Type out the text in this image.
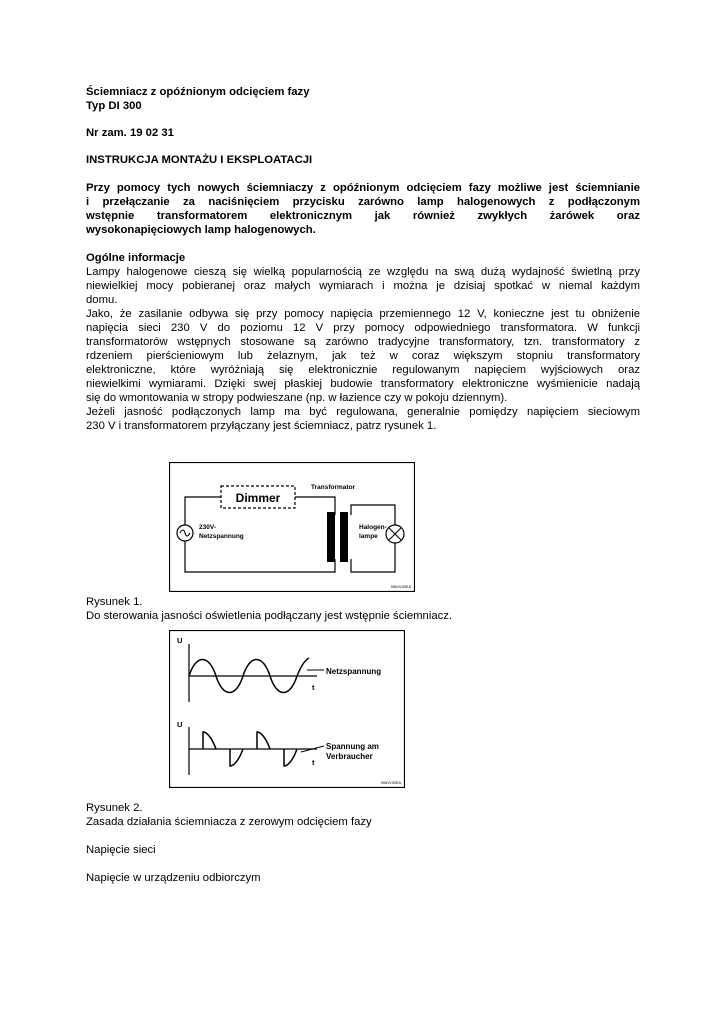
Ściemniacz z opóźnionym odcięciem fazy

Typ DI 300

Nr zam. 19 02 31

INSTRUKCJA MONTAŻU I EKSPLOATACJI

Przy pomocy tych nowych ściemniaczy z opóźnionym odcięciem fazy możliwe jest ściemnianie

i przełączanie za naciśnięciem przycisku zarówno lamp halogenowych z podłączonym

wstępnie transformatorem elektronicznym jak również zwykłych żarówek oraz

wysokonapięciowych lamp halogenowych.

Ogólne informacje

Lampy halogenowe cieszą się wielką popularnością ze względu na swą dużą wydajność świetlną przy

niewielkiej mocy pobieranej oraz małych wymiarach i można je dzisiaj spotkać w niemal każdym

domu.

Jako, że zasilanie odbywa się przy pomocy napięcia przemiennego 12 V, konieczne jest tu obniżenie

napięcia sieci 230 V do poziomu 12 V przy pomocy odpowiedniego transformatora. W funkcji

transformatorów wstępnych stosowane są zarówno tradycyjne transformatory, tzn. transformatory z

rdzeniem pierścieniowym lub żelaznym, jak też w coraz większym stopniu transformatory

elektroniczne, które wyróżniają się elektronicznie regulowanym napięciem wyjściowych oraz

niewielkimi wymiarami. Dzięki swej płaskiej budowie transformatory elektroniczne wyśmienicie nadają

się do wmontowania w stropy podwieszane (np. w łazience czy w pokoju dziennym).

Jeżeli jasność podłączonych lamp ma być regulowana, generalnie pomiędzy napięciem sieciowym

230 V i transformatorem przyłączany jest ściemniacz, patrz rysunek 1.

Dimmer
Transformator
230V-
Netzspannung
Halogen-
lampe
9961V00EA

Rysunek 1.

Do sterowania jasności oświetlenia podłączany jest wstępnie ściemniacz.

U
t
U
t
Netzspannung
Spannung am
Verbraucher
9961V09EA

Rysunek 2.

Zasada działania ściemniacza z zerowym odcięciem fazy

Napięcie sieci

Napięcie w urządzeniu odbiorczym
